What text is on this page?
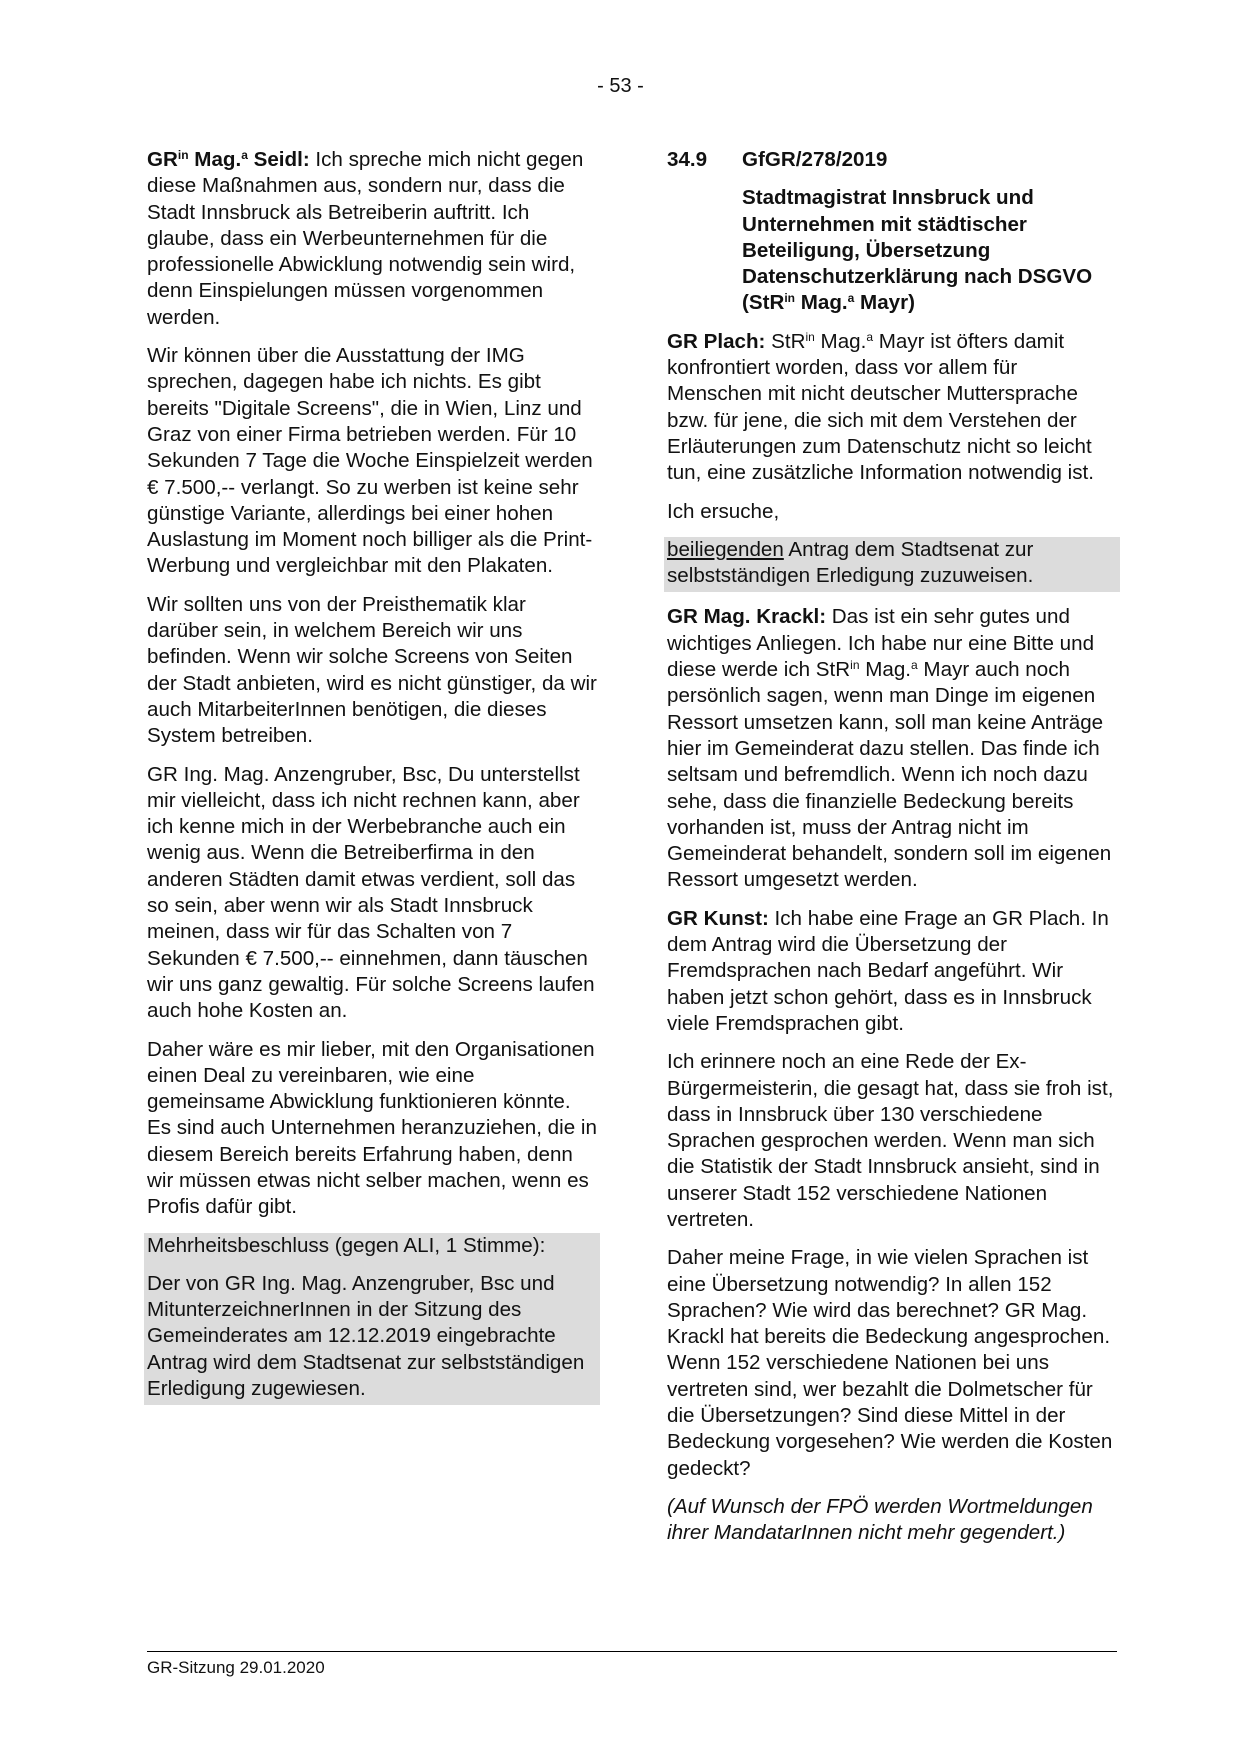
- 53 -

$GR^{in}$ Mag.$^a$ Seidl: Ich spreche mich nicht gegen diese Maßnahmen aus, sondern nur, dass die Stadt Innsbruck als Betreiberin auftritt. Ich glaube, dass ein Werbeunternehmen für die professionelle Abwicklung notwendig sein wird, denn Einspielungen müssen vorgenommen werden.

Wir können über die Ausstattung der IMG sprechen, dagegen habe ich nichts. Es gibt bereits "Digitale Screens", die in Wien, Linz und Graz von einer Firma betrieben werden. Für 10 Sekunden 7 Tage die Woche Einspielzeit werden € 7.500,-- verlangt. So zu werben ist keine sehr günstige Variante, allerdings bei einer hohen Auslastung im Moment noch billiger als die Print-Werbung und vergleichbar mit den Plakaten.

Wir sollten uns von der Preisthematik klar darüber sein, in welchem Bereich wir uns befinden. Wenn wir solche Screens von Seiten der Stadt anbieten, wird es nicht günstiger, da wir auch MitarbeiterInnen benötigen, die dieses System betreiben.

GR Ing. Mag. Anzengruber, Bsc, Du unterstellst mir vielleicht, dass ich nicht rechnen kann, aber ich kenne mich in der Werbebranche auch ein wenig aus. Wenn die Betreiberfirma in den anderen Städten damit etwas verdient, soll das so sein, aber wenn wir als Stadt Innsbruck meinen, dass wir für das Schalten von 7 Sekunden € 7.500,-- einnehmen, dann täuschen wir uns ganz gewaltig. Für solche Screens laufen auch hohe Kosten an.

Daher wäre es mir lieber, mit den Organisationen einen Deal zu vereinbaren, wie eine gemeinsame Abwicklung funktionieren könnte. Es sind auch Unternehmen heranzuziehen, die in diesem Bereich bereits Erfahrung haben, denn wir müssen etwas nicht selber machen, wenn es Profis dafür gibt.

Mehrheitsbeschluss (gegen ALI, 1 Stimme):

Der von GR Ing. Mag. Anzengruber, Bsc und MitunterzeichnerInnen in der Sitzung des Gemeinderates am 12.12.2019 eingebrachte Antrag wird dem Stadtsenat zur selbstständigen Erledigung zugewiesen.

34.9	GfGR/278/2019
Stadtmagistrat Innsbruck und Unternehmen mit städtischer Beteiligung, Übersetzung Datenschutzerklärung nach DSGVO
(StR$^{in}$ Mag.$^a$ Mayr)

GR Plach: StR$^{in}$ Mag.$^a$ Mayr ist öfters damit konfrontiert worden, dass vor allem für Menschen mit nicht deutscher Muttersprache bzw. für jene, die sich mit dem Verstehen der Erläuterungen zum Datenschutz nicht so leicht tun, eine zusätzliche Information notwendig ist.

Ich ersuche,

beiliegenden Antrag dem Stadtsenat zur selbstständigen Erledigung zuzuweisen.

GR Mag. Krackl: Das ist ein sehr gutes und wichtiges Anliegen. Ich habe nur eine Bitte und diese werde ich StR$^{in}$ Mag.$^a$ Mayr auch noch persönlich sagen, wenn man Dinge im eigenen Ressort umsetzen kann, soll man keine Anträge hier im Gemeinderat dazu stellen. Das finde ich seltsam und befremdlich. Wenn ich noch dazu sehe, dass die finanzielle Bedeckung bereits vorhanden ist, muss der Antrag nicht im Gemeinderat behandelt, sondern soll im eigenen Ressort umgesetzt werden.

GR Kunst: Ich habe eine Frage an GR Plach. In dem Antrag wird die Übersetzung der Fremdsprachen nach Bedarf angeführt. Wir haben jetzt schon gehört, dass es in Innsbruck viele Fremdsprachen gibt.

Ich erinnere noch an eine Rede der Ex-Bürgermeisterin, die gesagt hat, dass sie froh ist, dass in Innsbruck über 130 verschiedene Sprachen gesprochen werden. Wenn man sich die Statistik der Stadt Innsbruck ansieht, sind in unserer Stadt 152 verschiedene Nationen vertreten.

Daher meine Frage, in wie vielen Sprachen ist eine Übersetzung notwendig? In allen 152 Sprachen? Wie wird das berechnet? GR Mag. Krackl hat bereits die Bedeckung angesprochen. Wenn 152 verschiedene Nationen bei uns vertreten sind, wer bezahlt die Dolmetscher für die Übersetzungen? Sind diese Mittel in der Bedeckung vorgesehen? Wie werden die Kosten gedeckt?

(Auf Wunsch der FPÖ werden Wortmeldungen ihrer MandatarInnen nicht mehr gegendert.)

GR-Sitzung 29.01.2020
